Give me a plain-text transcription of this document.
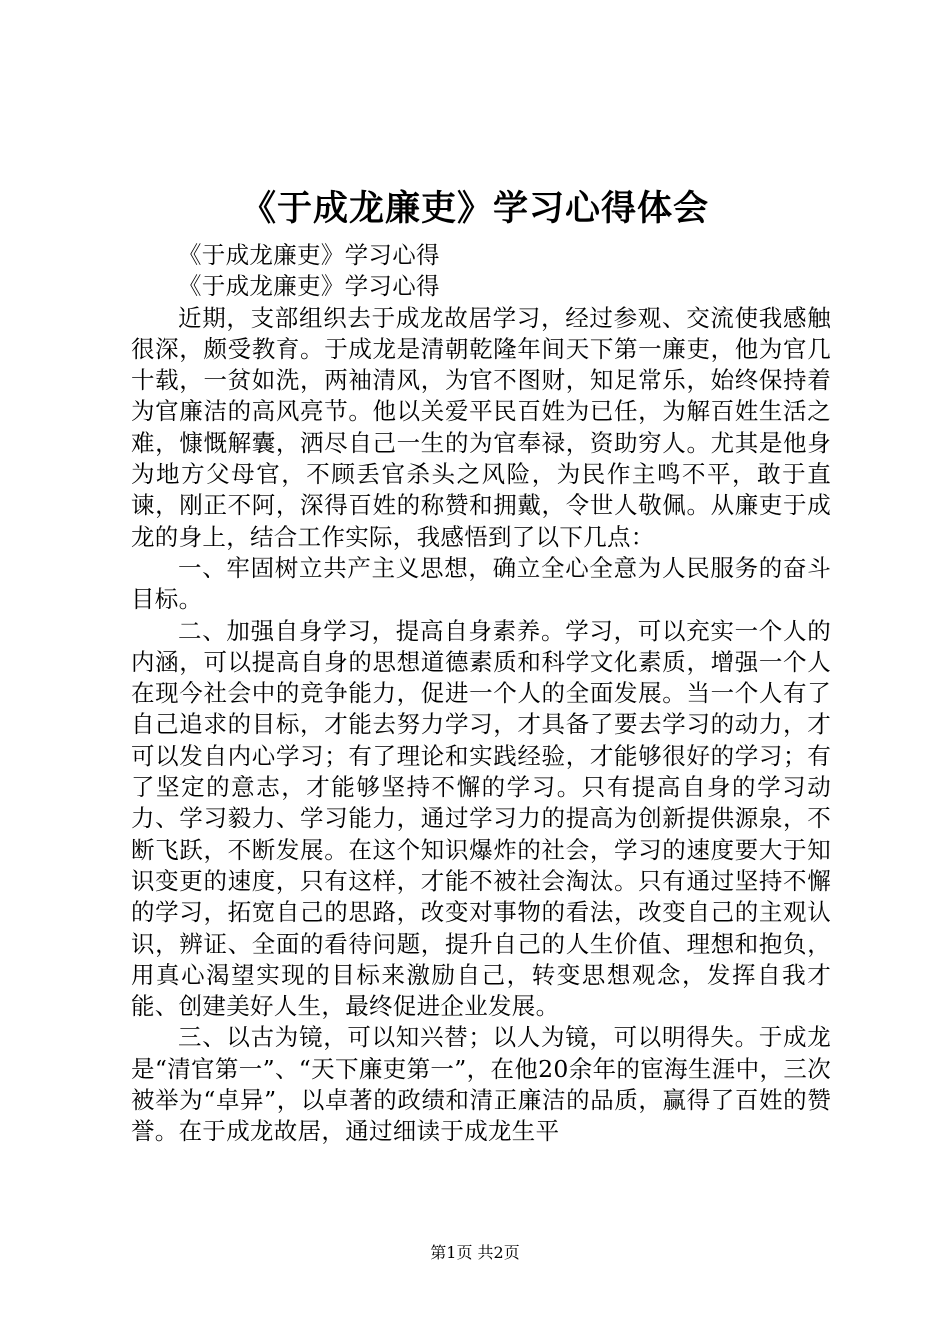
《于成龙廉吏》学习心得体会

《于成龙廉吏》学习心得

《于成龙廉吏》学习心得

近期，支部组织去于成龙故居学习，经过参观、交流使我感触很深，颇受教育。于成龙是清朝乾隆年间天下第一廉吏，他为官几十载，一贫如洗，两袖清风，为官不图财，知足常乐，始终保持着为官廉洁的高风亮节。他以关爱平民百姓为已任，为解百姓生活之难，慷慨解囊，洒尽自己一生的为官奉禄，资助穷人。尤其是他身为地方父母官，不顾丢官杀头之风险，为民作主鸣不平，敢于直谏，刚正不阿，深得百姓的称赞和拥戴，令世人敬佩。从廉吏于成龙的身上，结合工作实际，我感悟到了以下几点：

一、牢固树立共产主义思想，确立全心全意为人民服务的奋斗目标。

二、加强自身学习，提高自身素养。学习，可以充实一个人的内涵，可以提高自身的思想道德素质和科学文化素质，增强一个人在现今社会中的竞争能力，促进一个人的全面发展。当一个人有了自己追求的目标，才能去努力学习，才具备了要去学习的动力，才可以发自内心学习；有了理论和实践经验，才能够很好的学习；有了坚定的意志，才能够坚持不懈的学习。只有提高自身的学习动力、学习毅力、学习能力，通过学习力的提高为创新提供源泉，不断飞跃，不断发展。在这个知识爆炸的社会，学习的速度要大于知识变更的速度，只有这样，才能不被社会淘汰。只有通过坚持不懈的学习，拓宽自己的思路，改变对事物的看法，改变自己的主观认识，辨证、全面的看待问题，提升自己的人生价值、理想和抱负，用真心渴望实现的目标来激励自己，转变思想观念，发挥自我才能、创建美好人生，最终促进企业发展。

三、以古为镜，可以知兴替；以人为镜，可以明得失。于成龙是“清官第一”、“天下廉吏第一”，在他20余年的宦海生涯中，三次被举为“卓异”，以卓著的政绩和清正廉洁的品质，赢得了百姓的赞誉。在于成龙故居，通过细读于成龙生平

第1页 共2页
